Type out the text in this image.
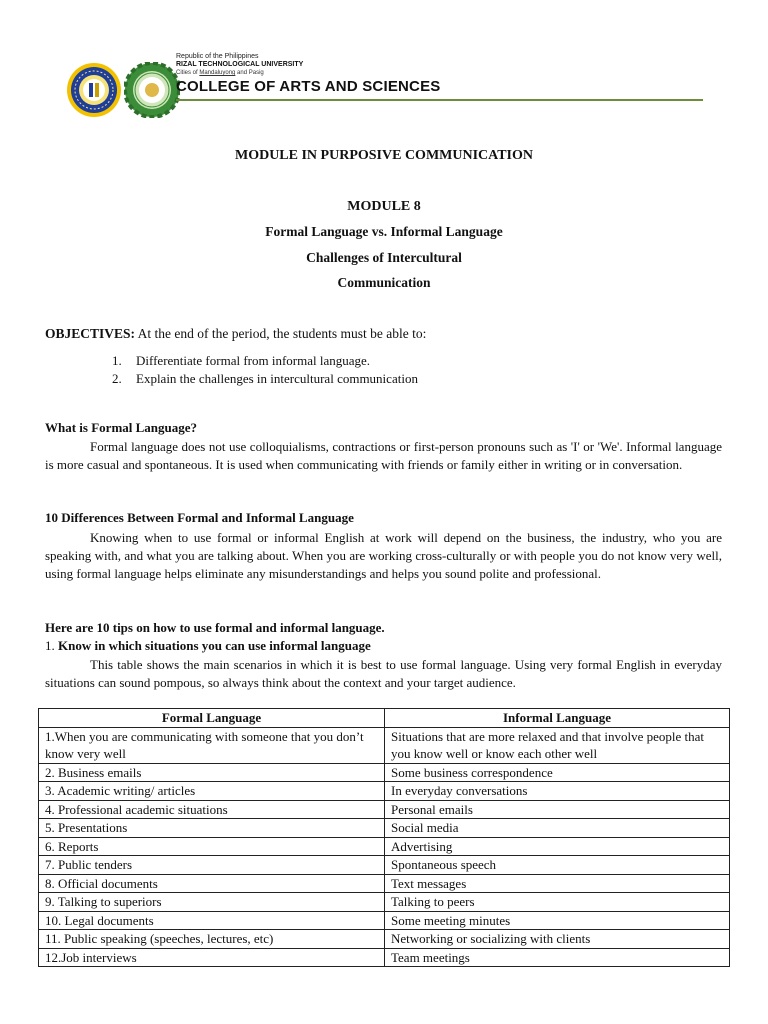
Republic of the Philippines
RIZAL TECHNOLOGICAL UNIVERSITY
Cities of Mandaluyong and Pasig
COLLEGE OF ARTS AND SCIENCES
MODULE IN PURPOSIVE COMMUNICATION
MODULE 8
Formal Language vs. Informal Language
Challenges of Intercultural
Communication
OBJECTIVES: At the end of the period, the students must be able to:
1. Differentiate formal from informal language.
2. Explain the challenges in intercultural communication
What is Formal Language?
Formal language does not use colloquialisms, contractions or first-person pronouns such as 'I' or 'We'. Informal language is more casual and spontaneous. It is used when communicating with friends or family either in writing or in conversation.
10 Differences Between Formal and Informal Language
Knowing when to use formal or informal English at work will depend on the business, the industry, who you are speaking with, and what you are talking about. When you are working cross-culturally or with people you do not know very well, using formal language helps eliminate any misunderstandings and helps you sound polite and professional.
Here are 10 tips on how to use formal and informal language.
1. Know in which situations you can use informal language
This table shows the main scenarios in which it is best to use formal language. Using very formal English in everyday situations can sound pompous, so always think about the context and your target audience.
Formal Language	Informal Language
1.When you are communicating with someone that you don’t know very well	Situations that are more relaxed and that involve people that you know well or know each other well
2. Business emails	Some business correspondence
3. Academic writing/ articles	In everyday conversations
4. Professional academic situations	Personal emails
5. Presentations	Social media
6. Reports	Advertising
7. Public tenders	Spontaneous speech
8. Official documents	Text messages
9. Talking to superiors	Talking to peers
10. Legal documents	Some meeting minutes
11. Public speaking (speeches, lectures, etc)	Networking or socializing with clients
12.Job interviews	Team meetings
